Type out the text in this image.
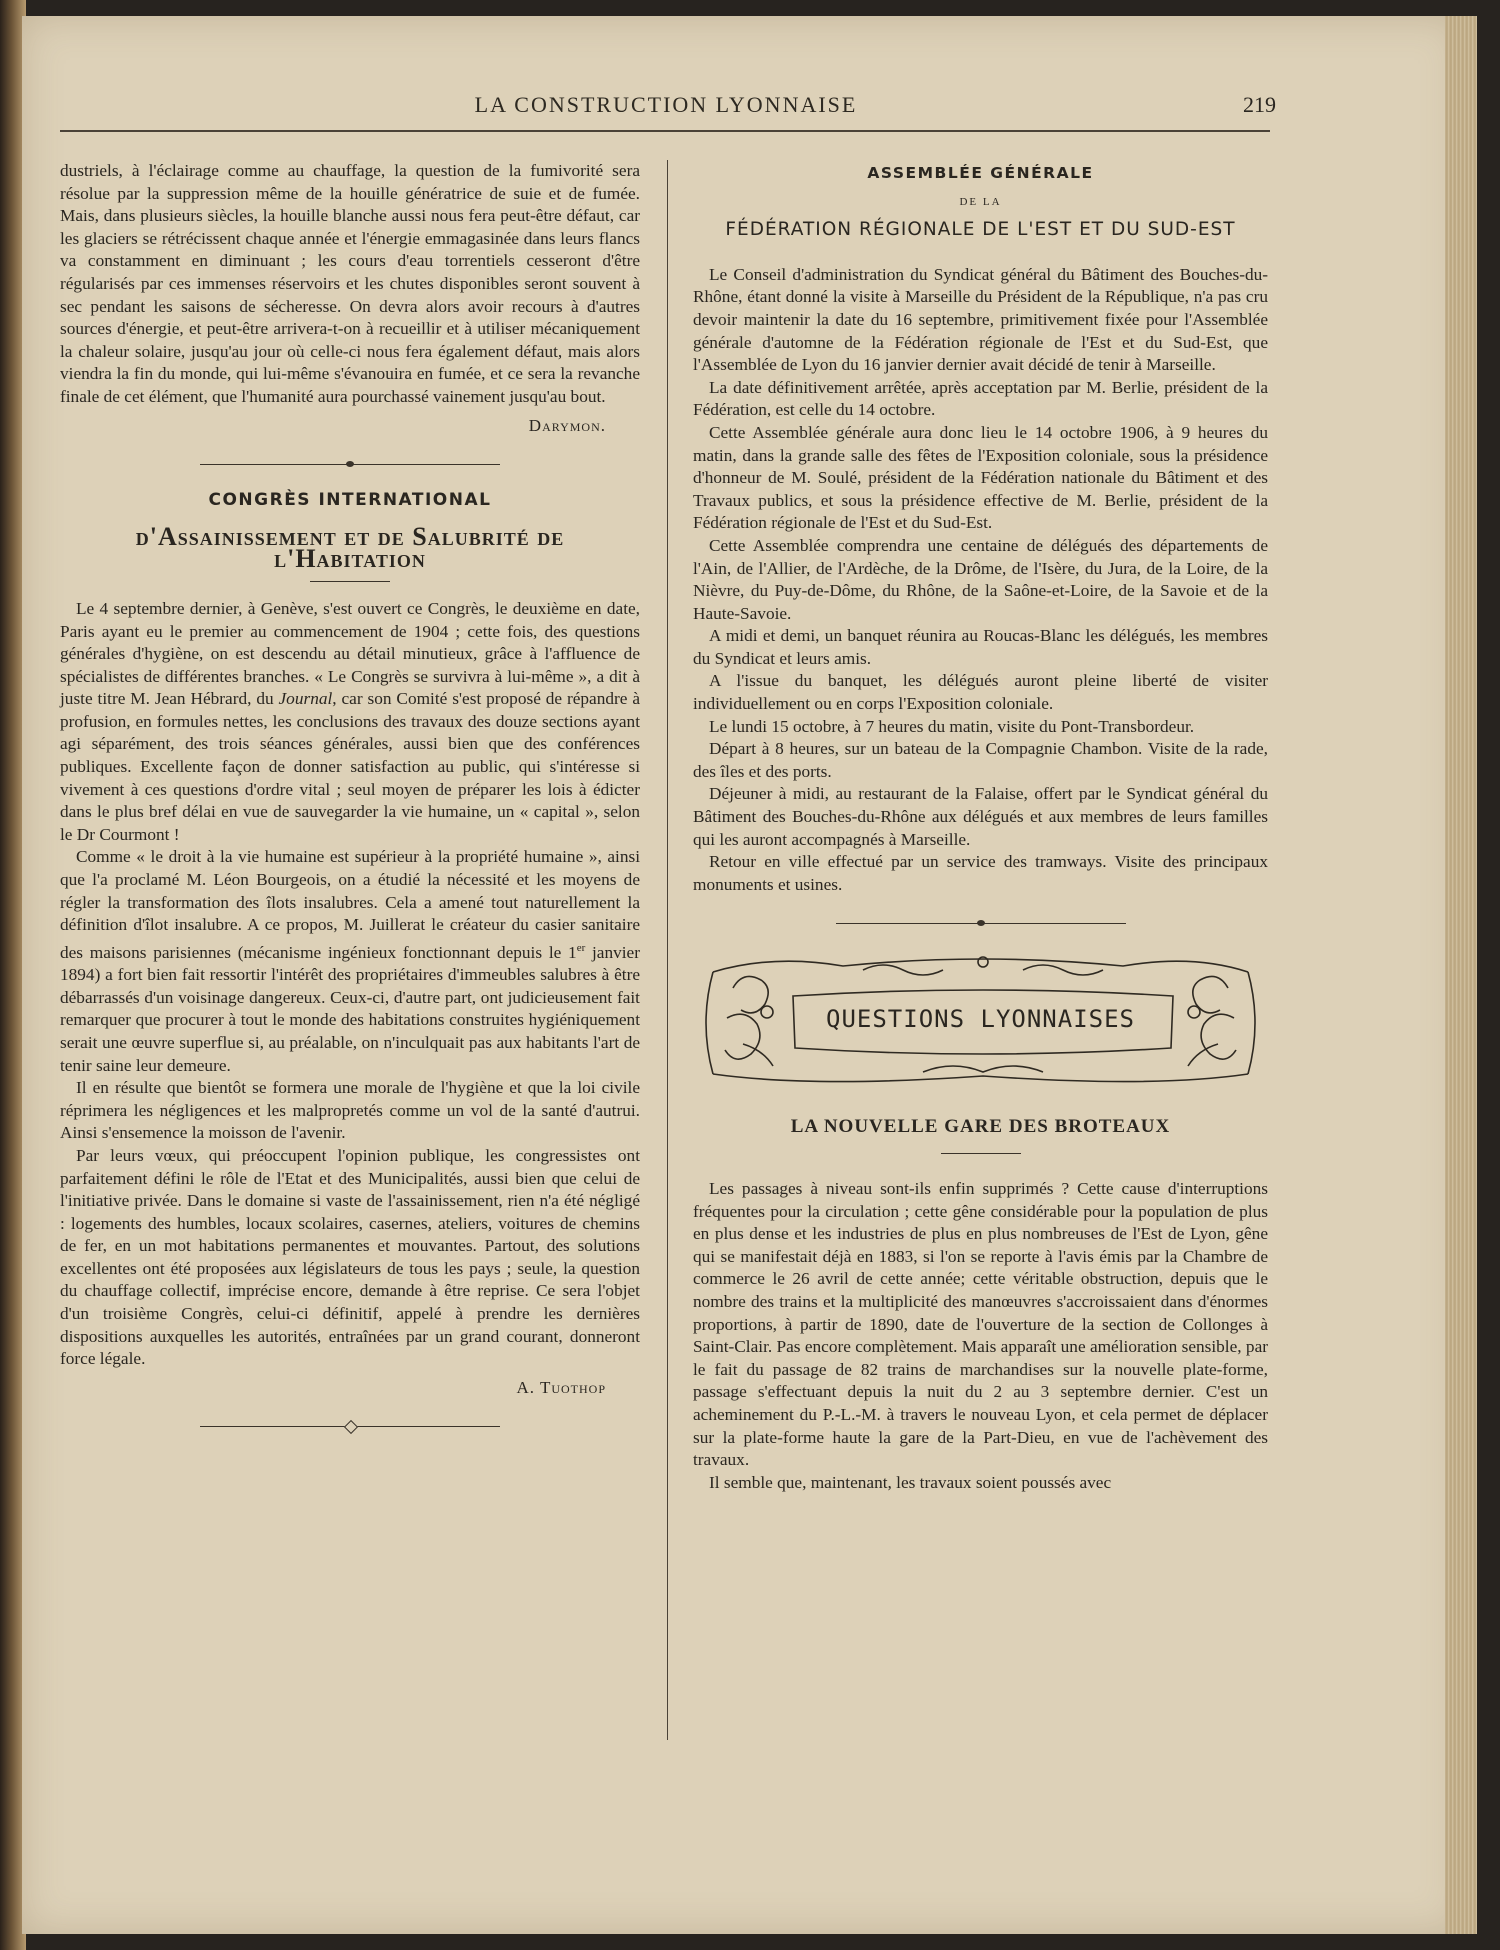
LA CONSTRUCTION LYONNAISE	219

dustriels, à l'éclairage comme au chauffage, la question de la fumivorité sera résolue par la suppression même de la houille génératrice de suie et de fumée. Mais, dans plusieurs siècles, la houille blanche aussi nous fera peut-être défaut, car les glaciers se rétrécissent chaque année et l'énergie emmagasinée dans leurs flancs va constamment en diminuant ; les cours d'eau torrentiels cesseront d'être régularisés par ces immenses réservoirs et les chutes disponibles seront souvent à sec pendant les saisons de sécheresse. On devra alors avoir recours à d'autres sources d'énergie, et peut-être arrivera-t-on à recueillir et à utiliser mécaniquement la chaleur solaire, jusqu'au jour où celle-ci nous fera également défaut, mais alors viendra la fin du monde, qui lui-même s'évanouira en fumée, et ce sera la revanche finale de cet élément, que l'humanité aura pourchassé vainement jusqu'au bout.

Darymon.
CONGRÈS INTERNATIONAL
d'Assainissement et de Salubrité de l'Habitation

Le 4 septembre dernier, à Genève, s'est ouvert ce Congrès, le deuxième en date, Paris ayant eu le premier au commencement de 1904 ; cette fois, des questions générales d'hygiène, on est descendu au détail minutieux, grâce à l'affluence de spécialistes de différentes branches. « Le Congrès se survivra à lui-même », a dit à juste titre M. Jean Hébrard, du Journal, car son Comité s'est proposé de répandre à profusion, en formules nettes, les conclusions des travaux des douze sections ayant agi séparément, des trois séances générales, aussi bien que des conférences publiques. Excellente façon de donner satisfaction au public, qui s'intéresse si vivement à ces questions d'ordre vital ; seul moyen de préparer les lois à édicter dans le plus bref délai en vue de sauvegarder la vie humaine, un « capital », selon le Dr Courmont !

Comme « le droit à la vie humaine est supérieur à la propriété humaine », ainsi que l'a proclamé M. Léon Bourgeois, on a étudié la nécessité et les moyens de régler la transformation des îlots insalubres. Cela a amené tout naturellement la définition d'îlot insalubre. A ce propos, M. Juillerat le créateur du casier sanitaire des maisons parisiennes (mécanisme ingénieux fonctionnant depuis le 1er janvier 1894) a fort bien fait ressortir l'intérêt des propriétaires d'immeubles salubres à être débarrassés d'un voisinage dangereux. Ceux-ci, d'autre part, ont judicieusement fait remarquer que procurer à tout le monde des habitations construites hygiéniquement serait une œuvre superflue si, au préalable, on n'inculquait pas aux habitants l'art de tenir saine leur demeure.

Il en résulte que bientôt se formera une morale de l'hygiène et que la loi civile réprimera les négligences et les malpropretés comme un vol de la santé d'autrui. Ainsi s'ensemence la moisson de l'avenir.

Par leurs vœux, qui préoccupent l'opinion publique, les congressistes ont parfaitement défini le rôle de l'Etat et des Municipalités, aussi bien que celui de l'initiative privée. Dans le domaine si vaste de l'assainissement, rien n'a été négligé : logements des humbles, locaux scolaires, casernes, ateliers, voitures de chemins de fer, en un mot habitations permanentes et mouvantes. Partout, des solutions excellentes ont été proposées aux législateurs de tous les pays ; seule, la question du chauffage collectif, imprécise encore, demande à être reprise. Ce sera l'objet d'un troisième Congrès, celui-ci définitif, appelé à prendre les dernières dispositions auxquelles les autorités, entraînées par un grand courant, donneront force légale.

A. Tuothop
ASSEMBLÉE GÉNÉRALE
DE LA
FÉDÉRATION RÉGIONALE DE L'EST ET DU SUD-EST

Le Conseil d'administration du Syndicat général du Bâtiment des Bouches-du-Rhône, étant donné la visite à Marseille du Président de la République, n'a pas cru devoir maintenir la date du 16 septembre, primitivement fixée pour l'Assemblée générale d'automne de la Fédération régionale de l'Est et du Sud-Est, que l'Assemblée de Lyon du 16 janvier dernier avait décidé de tenir à Marseille.

La date définitivement arrêtée, après acceptation par M. Berlie, président de la Fédération, est celle du 14 octobre.

Cette Assemblée générale aura donc lieu le 14 octobre 1906, à 9 heures du matin, dans la grande salle des fêtes de l'Exposition coloniale, sous la présidence d'honneur de M. Soulé, président de la Fédération nationale du Bâtiment et des Travaux publics, et sous la présidence effective de M. Berlie, président de la Fédération régionale de l'Est et du Sud-Est.

Cette Assemblée comprendra une centaine de délégués des départements de l'Ain, de l'Allier, de l'Ardèche, de la Drôme, de l'Isère, du Jura, de la Loire, de la Nièvre, du Puy-de-Dôme, du Rhône, de la Saône-et-Loire, de la Savoie et de la Haute-Savoie.

A midi et demi, un banquet réunira au Roucas-Blanc les délégués, les membres du Syndicat et leurs amis.

A l'issue du banquet, les délégués auront pleine liberté de visiter individuellement ou en corps l'Exposition coloniale.

Le lundi 15 octobre, à 7 heures du matin, visite du Pont-Transbordeur.

Départ à 8 heures, sur un bateau de la Compagnie Chambon. Visite de la rade, des îles et des ports.

Déjeuner à midi, au restaurant de la Falaise, offert par le Syndicat général du Bâtiment des Bouches-du-Rhône aux délégués et aux membres de leurs familles qui les auront accompagnés à Marseille.

Retour en ville effectué par un service des tramways. Visite des principaux monuments et usines.

QUESTIONS LYONNAISES
LA NOUVELLE GARE DES BROTEAUX

Les passages à niveau sont-ils enfin supprimés ? Cette cause d'interruptions fréquentes pour la circulation ; cette gêne considérable pour la population de plus en plus dense et les industries de plus en plus nombreuses de l'Est de Lyon, gêne qui se manifestait déjà en 1883, si l'on se reporte à l'avis émis par la Chambre de commerce le 26 avril de cette année; cette véritable obstruction, depuis que le nombre des trains et la multiplicité des manœuvres s'accroissaient dans d'énormes proportions, à partir de 1890, date de l'ouverture de la section de Collonges à Saint-Clair. Pas encore complètement. Mais apparaît une amélioration sensible, par le fait du passage de 82 trains de marchandises sur la nouvelle plate-forme, passage s'effectuant depuis la nuit du 2 au 3 septembre dernier. C'est un acheminement du P.-L.-M. à travers le nouveau Lyon, et cela permet de déplacer sur la plate-forme haute la gare de la Part-Dieu, en vue de l'achèvement des travaux.

Il semble que, maintenant, les travaux soient poussés avec
